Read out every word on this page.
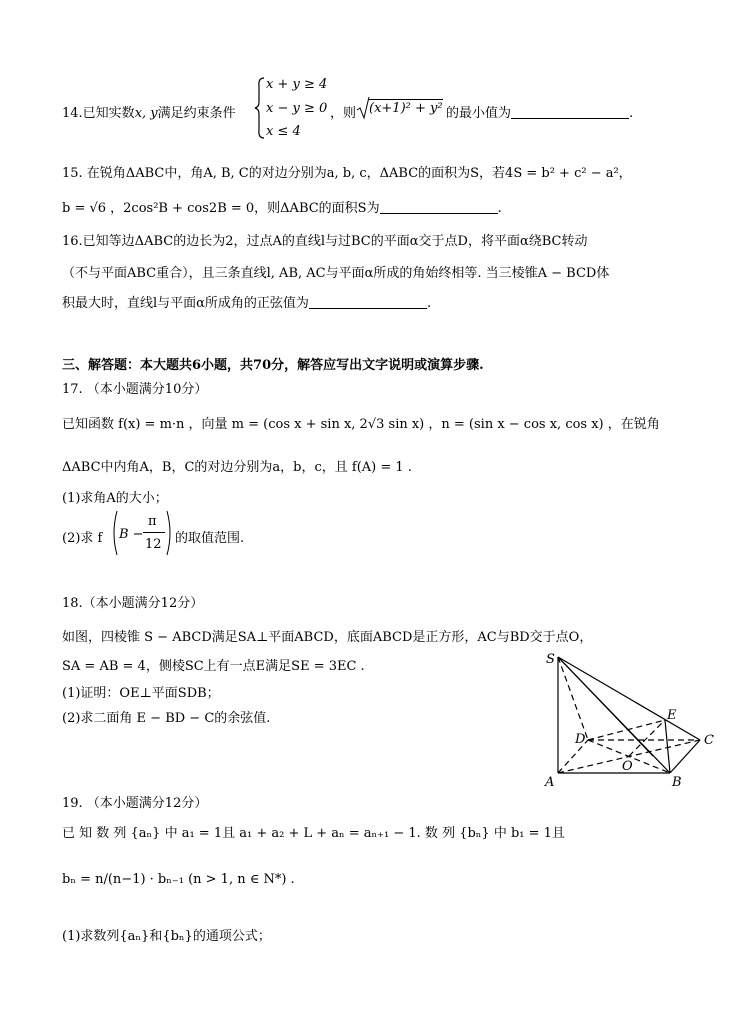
14.已知实数x, y满足约束条件
x + y ≥ 4
x − y ≥ 0
x ≤ 4
，则 (x+1)² + y² 的最小值为	.
15. 在锐角ΔABC中，角A, B, C的对边分别为a, b, c，ΔABC的面积为S，若4S = b² + c² − a²，
b = √6 ，2cos²B + cos2B = 0，则ΔABC的面积S为	.
16.已知等边ΔABC的边长为2，过点A的直线l与过BC的平面α交于点D，将平面α绕BC转动
（不与平面ABC重合），且三条直线l, AB, AC与平面α所成的角始终相等. 当三棱锥A − BCD体
积最大时，直线l与平面α所成角的正弦值为	.
三、解答题：本大题共6小题，共70分，解答应写出文字说明或演算步骤.
17. （本小题满分10分）
已知函数 f(x) = m·n ，向量 m = (cos x + sin x, 2√3 sin x) ，n = (sin x − cos x, cos x) ，在锐角
ΔABC中内角A，B，C的对边分别为a，b，c，且 f(A) = 1 .
(1)求角A的大小；
(2)求 f B −
π
12 的取值范围.
18.（本小题满分12分）
如图，四棱锥 S − ABCD满足SA⊥平面ABCD，底面ABCD是正方形，AC与BD交于点O，
SA = AB = 4，侧棱SC上有一点E满足SE = 3EC .
(1)证明：OE⊥平面SDB；
(2)求二面角 E − BD − C的余弦值.
S
A	B
C
D
E
O
19. （本小题满分12分）
已 知 数 列 {aₙ} 中 a₁ = 1且 a₁ + a₂ + L + aₙ = aₙ₊₁ − 1. 数 列 {bₙ} 中 b₁ = 1且
bₙ = n/(n−1) · bₙ₋₁ (n > 1, n ∈ N*) .
(1)求数列{aₙ}和{bₙ}的通项公式；
